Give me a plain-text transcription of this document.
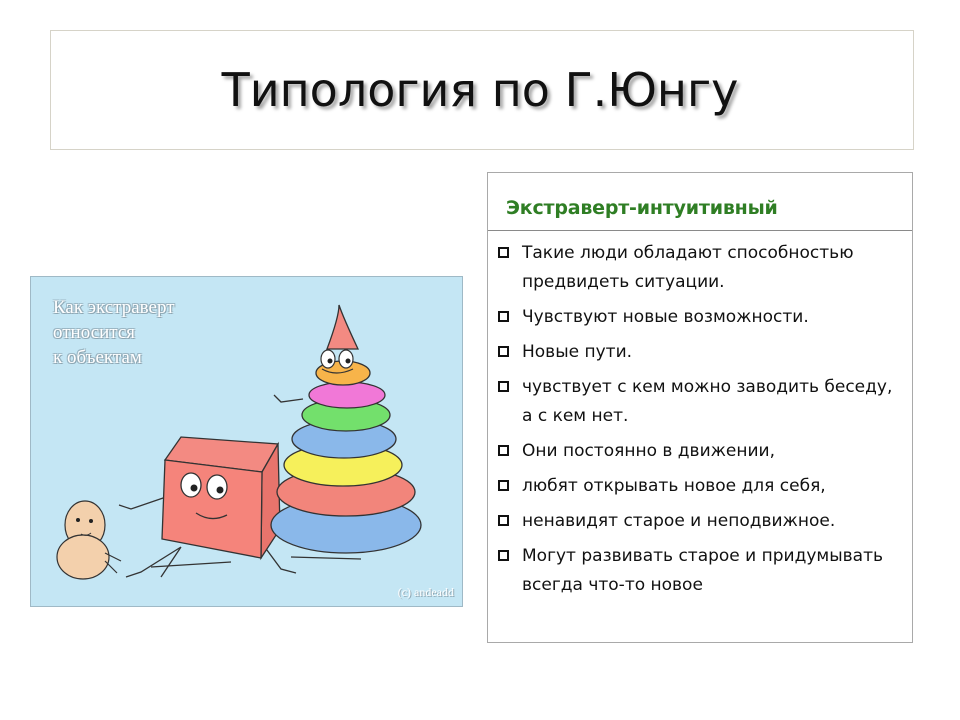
Типология по Г.Юнгу
Как экстраверт
относится
к объектам
(c) andeadd
Экстраверт-интуитивный
Такие люди обладают способностью предвидеть ситуации.
Чувствуют новые возможности.
Новые пути.
чувствует с кем можно заводить беседу, а с кем нет.
Они постоянно в движении,
любят открывать новое для себя,
ненавидят старое и неподвижное.
Могут развивать старое и придумывать всегда что-то новое
